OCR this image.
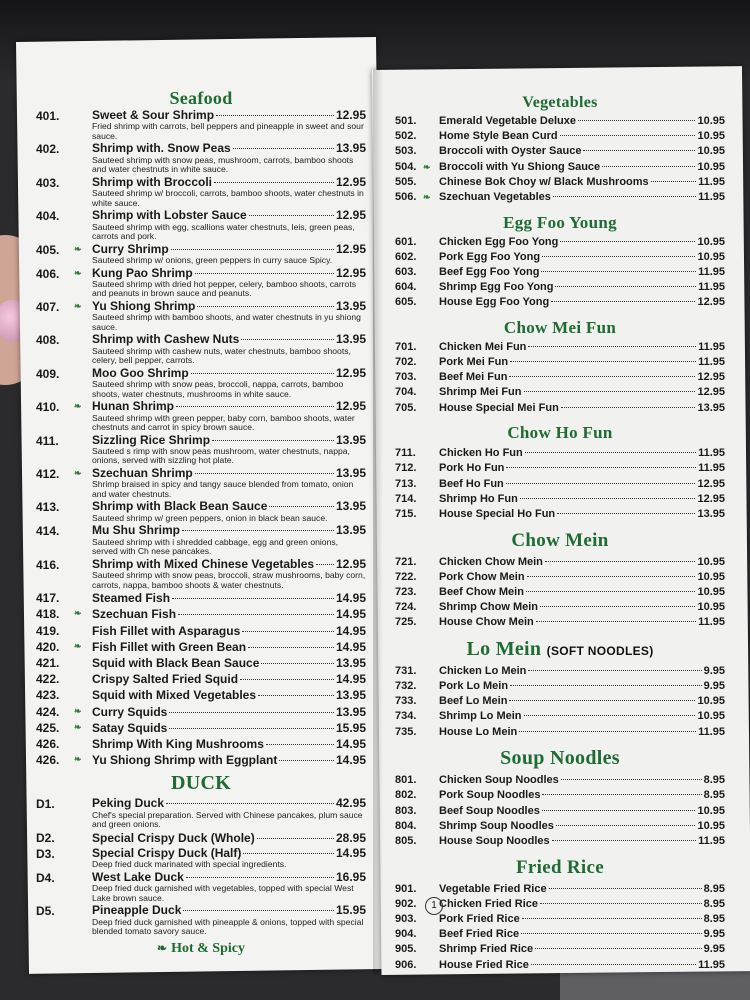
Seafood
401.	Sweet & Sour Shrimp	12.95
Fried shrimp with carrots, bell peppers and pineapple in sweet and sour sauce.
402.	Shrimp with. Snow Peas	13.95
Sauteed shrimp with snow peas, mushroom, carrots, bamboo shoots and water chestnuts in white sauce.
403.	Shrimp with Broccoli	12.95
Sauteed shrimp w/ broccoli, carrots, bamboo shoots, water chestnuts in white sauce.
404.	Shrimp with Lobster Sauce	12.95
Sauteed shrimp with egg, scallions water chestnuts, leis, green peas, carrots and pork.
405.	❧ Curry Shrimp	12.95
Sauteed shrimp w/ onions, green peppers in curry sauce Spicy.
406.	❧ Kung Pao Shrimp	12.95
Sauteed shrimp with dried hot pepper, celery, bamboo shoots, carrots and peanuts in brown sauce and peanuts.
407.	❧ Yu Shiong Shrimp	13.95
Sauteed shrimp with bamboo shoots, and water chestnuts in yu shiong sauce.
408.	Shrimp with Cashew Nuts	13.95
Sauteed shrimp with cashew nuts, water chestnuts, bamboo shoots, celery, bell pepper, carrots.
409.	Moo Goo Shrimp	12.95
Sauteed shrimp with snow peas, broccoli, nappa, carrots, bamboo shoots, water chestnuts, mushrooms in white sauce.
410.	❧ Hunan Shrimp	12.95
Sauteed shrimp with green pepper, baby corn, bamboo shoots, water chestnuts and carrot in spicy brown sauce.
411.	Sizzling Rice Shrimp	13.95
Sauteed s rimp with snow peas mushroom, water chestnuts, nappa, onions, served with sizzling hot plate.
412.	❧ Szechuan Shrimp	13.95
Shrimp braised in spicy and tangy sauce blended from tomato, onion and water chestnuts.
413.	Shrimp with Black Bean Sauce	13.95
Sauteed shrimp w/ green peppers, onion in black bean sauce.
414.	Mu Shu Shrimp	13.95
Sauteed shrimp with i shredded cabbage, egg and green onions, served with Ch nese pancakes.
416.	Shrimp with Mixed Chinese Vegetables 12.95
Sauteed shrimp with snow peas, broccoli, straw mushrooms, baby corn, carrots, nappa, bamboo shoots & water chestnuts.
417.	Steamed Fish	14.95
418.	❧ Szechuan Fish	14.95
419.	Fish Fillet with Asparagus	14.95
420.	❧ Fish Fillet with Green Bean	14.95
421.	Squid with Black Bean Sauce	13.95
422.	Crispy Salted Fried Squid	14.95
423.	Squid with Mixed Vegetables	13.95
424.	❧ Curry Squids	13.95
425.	❧ Satay Squids	15.95
426.	Shrimp With King Mushrooms	14.95
426.	❧ Yu Shiong Shrimp with Eggplant	14.95
DUCK
D1.	Peking Duck	42.95
Chef's special preparation. Served with Chinese pancakes, plum sauce and green onions.
D2.	Special Crispy Duck (Whole)	28.95
D3.	Special Crispy Duck (Half)	14.95
Deep fried duck marinated with special ingredients.
D4.	West Lake Duck	16.95
Deep fried duck garnished with vegetables, topped with special West Lake brown sauce.
D5.	Pineapple Duck	15.95
Deep fried duck garnished with pineapple & onions, topped with special blended tomato savory sauce.
❧ Hot & Spicy
Vegetables
501.	Emerald Vegetable Deluxe	10.95
502.	Home Style Bean Curd	10.95
503.	Broccoli with Oyster Sauce	10.95
504. ❧ Broccoli with Yu Shiong Sauce	10.95
505.	Chinese Bok Choy w/ Black Mushrooms	11.95
506. ❧ Szechuan Vegetables	11.95
Egg Foo Young
601.	Chicken Egg Foo Yong	10.95
602.	Pork Egg Foo Yong	10.95
603.	Beef Egg Foo Yong	11.95
604.	Shrimp Egg Foo Yong	11.95
605.	House Egg Foo Yong	12.95
Chow Mei Fun
701.	Chicken Mei Fun	11.95
702.	Pork Mei Fun	11.95
703.	Beef Mei Fun	12.95
704.	Shrimp Mei Fun	12.95
705.	House Special Mei Fun	13.95
Chow Ho Fun
711.	Chicken Ho Fun	11.95
712.	Pork Ho Fun	11.95
713.	Beef Ho Fun	12.95
714.	Shrimp Ho Fun	12.95
715.	House Special Ho Fun	13.95
Chow Mein
721.	Chicken Chow Mein	10.95
722.	Pork Chow Mein	10.95
723.	Beef Chow Mein	10.95
724.	Shrimp Chow Mein	10.95
725.	House Chow Mein	11.95
Lo Mein (SOFT NOODLES)
731.	Chicken Lo Mein	9.95
732.	Pork Lo Mein	9.95
733.	Beef Lo Mein	10.95
734.	Shrimp Lo Mein	10.95
735.	House Lo Mein	11.95
Soup Noodles
801.	Chicken Soup Noodles	8.95
802.	Pork Soup Noodles	8.95
803.	Beef Soup Noodles	10.95
804.	Shrimp Soup Noodles	10.95
805.	House Soup Noodles	11.95
Fried Rice
901.	Vegetable Fried Rice	8.95
902.	1 Chicken Fried Rice	8.95
903.	Pork Fried Rice	8.95
904.	Beef Fried Rice	9.95
905.	Shrimp Fried Rice	9.95
906.	House Fried Rice	11.95
